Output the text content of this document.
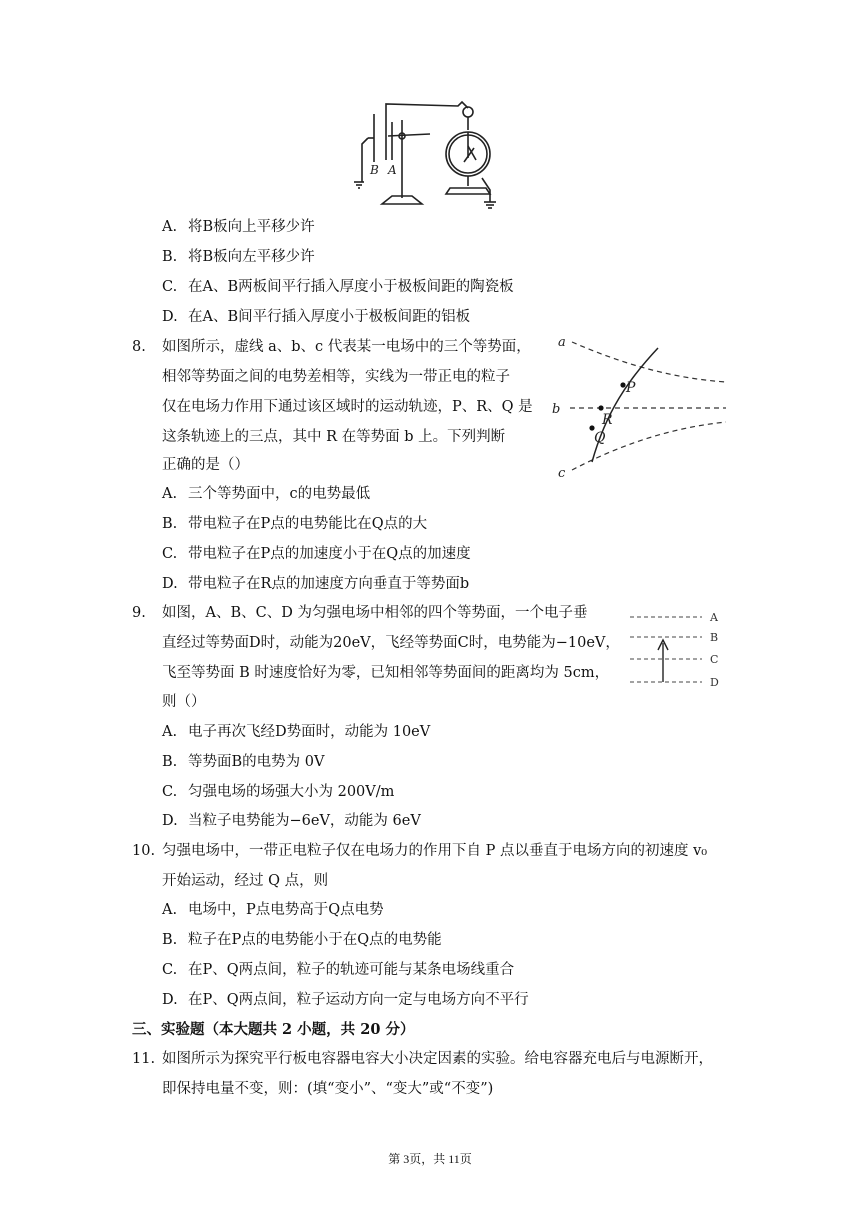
B A
A. 将B板向上平移少许
B. 将B板向左平移少许
C. 在A、B两板间平行插入厚度小于极板间距的陶瓷板
D. 在A、B间平行插入厚度小于极板间距的铝板
8. 如图所示，虚线 a、b、c 代表某一电场中的三个等势面，
相邻等势面之间的电势差相等，实线为一带正电的粒子
仅在电场力作用下通过该区域时的运动轨迹，P、R、Q 是
这条轨迹上的三点，其中 R 在等势面 b 上。下列判断
正确的是（）
a
b
c
P
R
Q
A. 三个等势面中，c的电势最低
B. 带电粒子在P点的电势能比在Q点的大
C. 带电粒子在P点的加速度小于在Q点的加速度
D. 带电粒子在R点的加速度方向垂直于等势面b
9. 如图，A、B、C、D 为匀强电场中相邻的四个等势面，一个电子垂
直经过等势面D时，动能为20eV，飞经等势面C时，电势能为−10eV，
飞至等势面 B 时速度恰好为零，已知相邻等势面间的距离均为 5cm，
则（）
A
B
C
D
A. 电子再次飞经D势面时，动能为 10eV
B. 等势面B的电势为 0V
C. 匀强电场的场强大小为 200V/m
D. 当粒子电势能为−6eV，动能为 6eV
10. 匀强电场中，一带正电粒子仅在电场力的作用下自 P 点以垂直于电场方向的初速度 v₀
开始运动，经过 Q 点，则
A. 电场中，P点电势高于Q点电势
B. 粒子在P点的电势能小于在Q点的电势能
C. 在P、Q两点间，粒子的轨迹可能与某条电场线重合
D. 在P、Q两点间，粒子运动方向一定与电场方向不平行
三、实验题（本大题共 2 小题，共 20 分）
11. 如图所示为探究平行板电容器电容大小决定因素的实验。给电容器充电后与电源断开，
即保持电量不变，则：(填“变小”、“变大”或“不变”)
第 3页，共 11页
